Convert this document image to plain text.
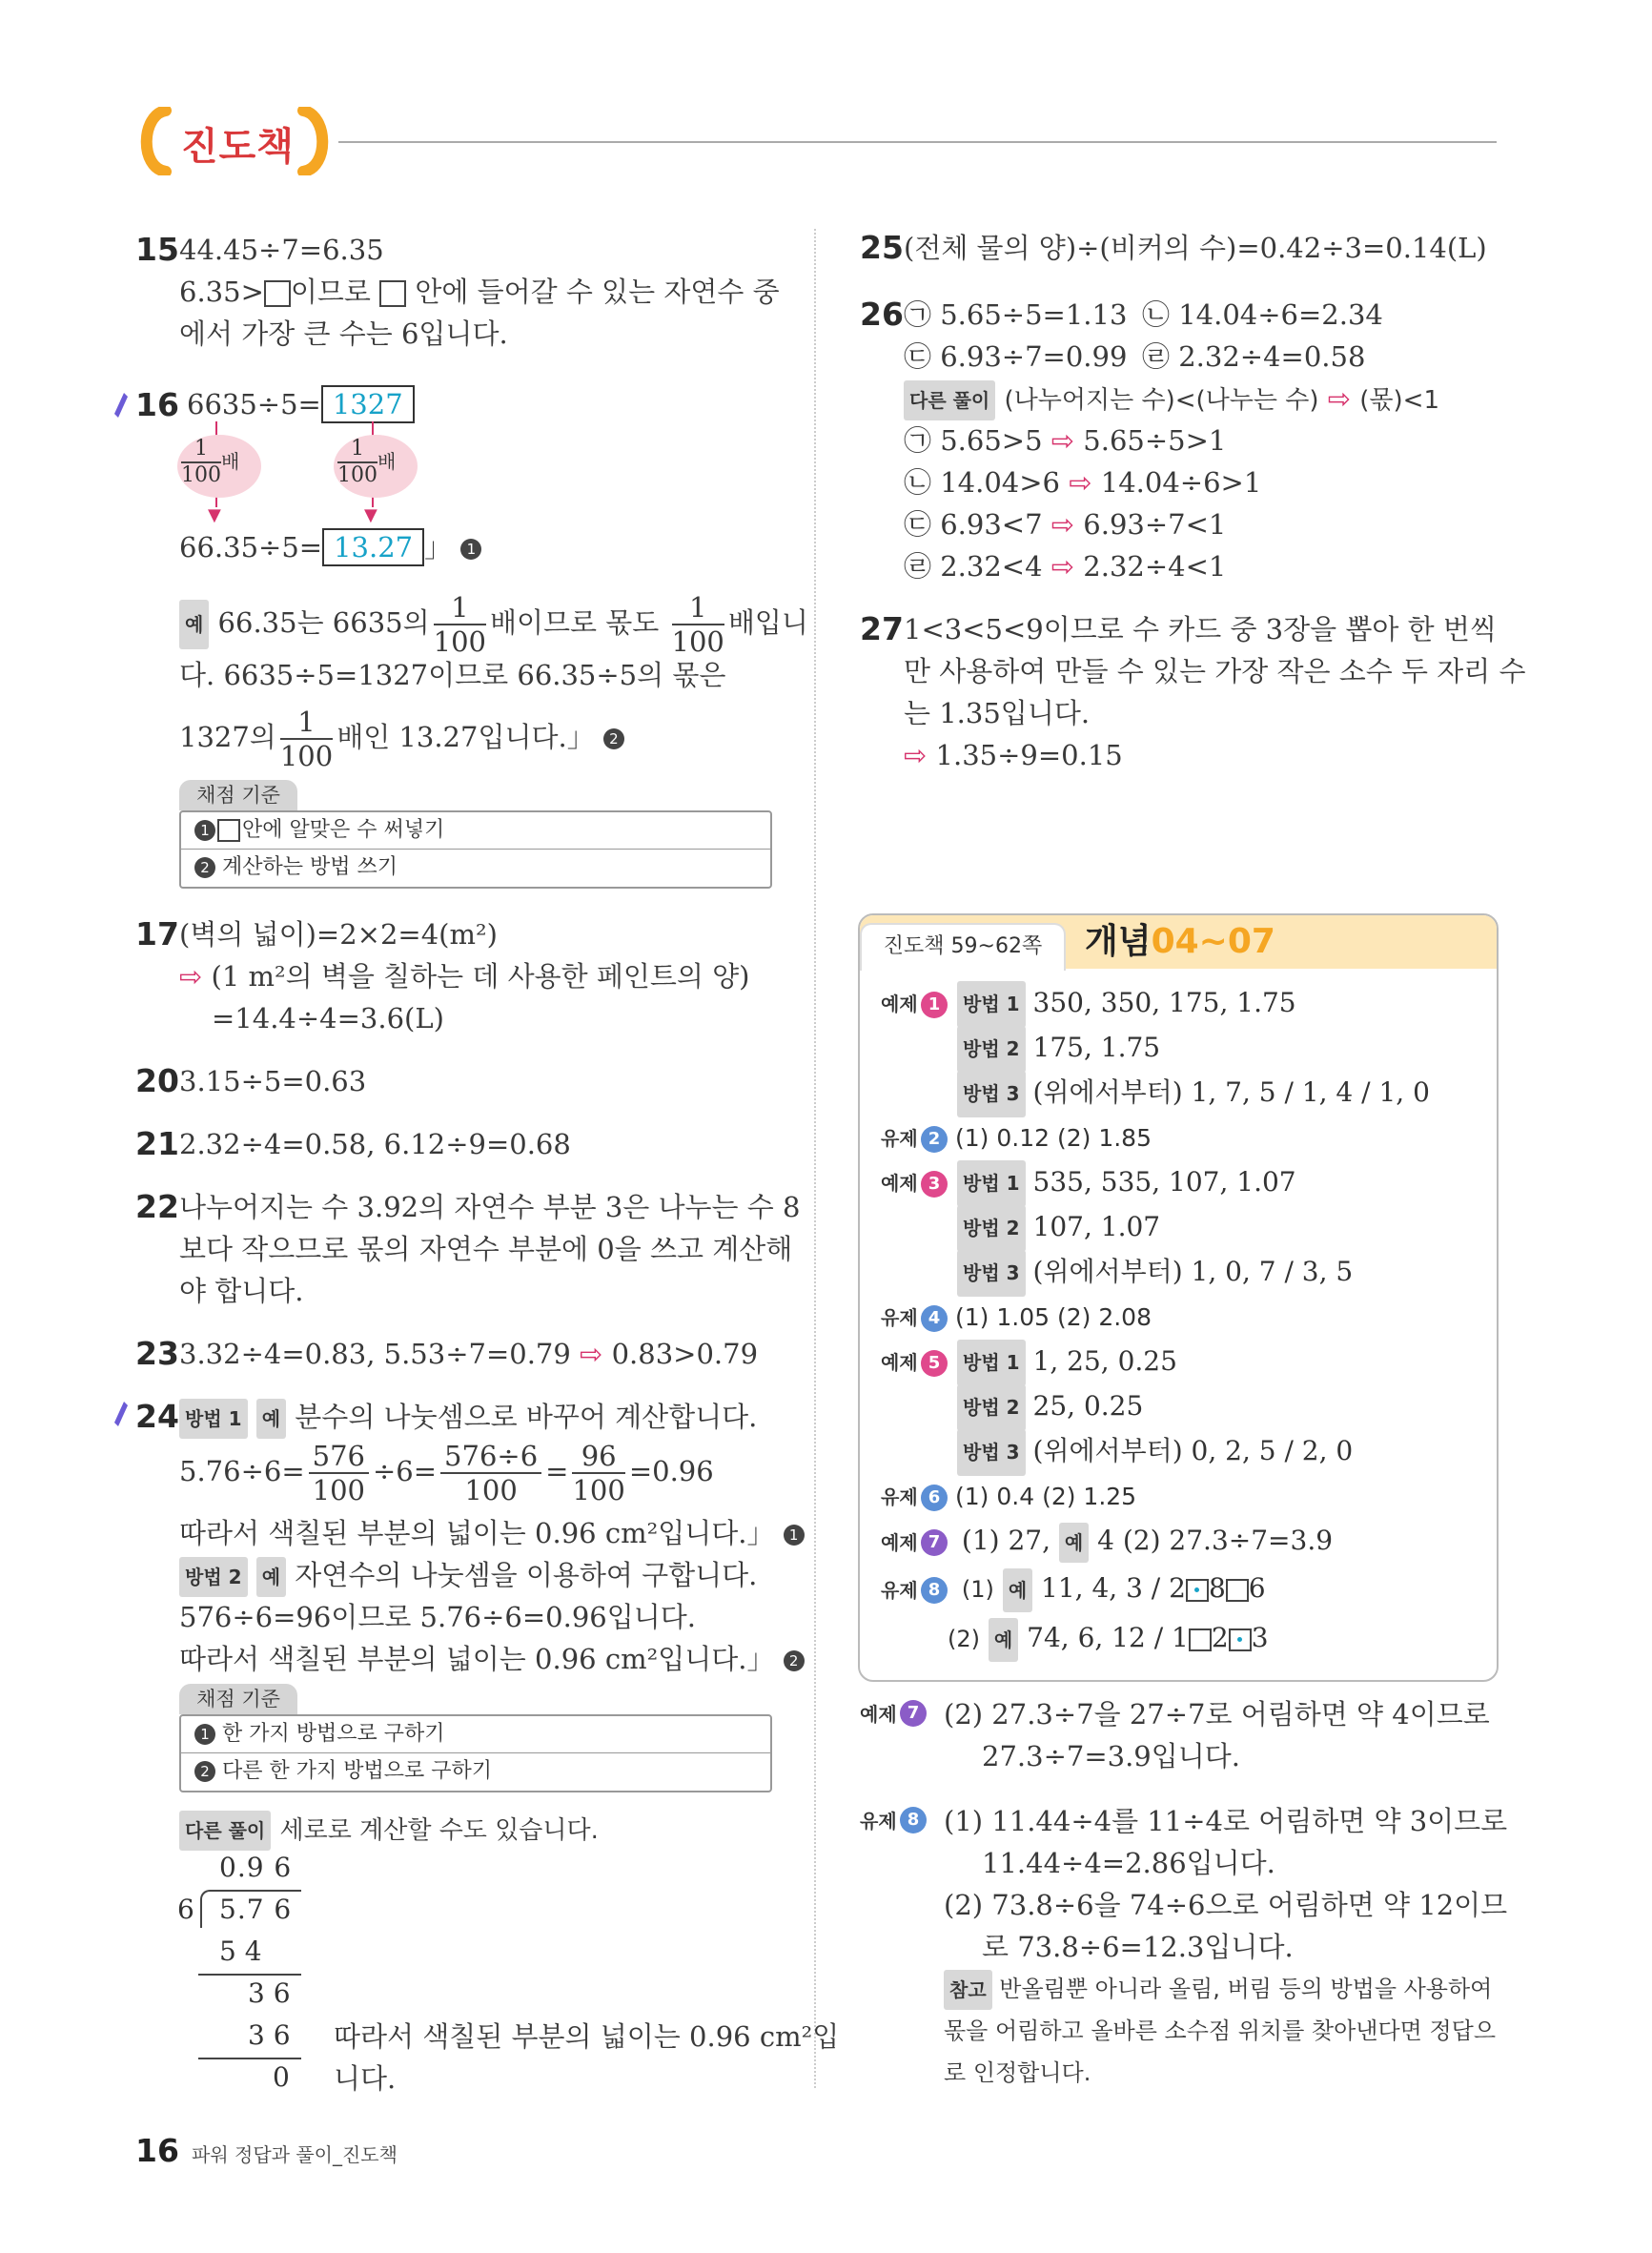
진도책
15 44.45÷7=6.35
6.35> 이므로 안에 들어갈 수 있는 자연수 중
에서 가장 큰 수는 6입니다.
16 6635÷5= 1327
$\frac{1}{100}$ 배	$\frac{1}{100}$ 배
▼	▼
66.35÷5= 13.27 」 1
예 66.35는 6635의 $\frac{1}{100}$ 배이므로 몫도 $\frac{1}{100}$ 배입니
다. 6635÷5=1327이므로 66.35÷5의 몫은
1327의 $\frac{1}{100}$ 배인 13.27입니다.」 2
채점 기준
1 안에 알맞은 수 써넣기
2 계산하는 방법 쓰기
17 (벽의 넓이)=2×2=4(m²)
⇨ (1 m²의 벽을 칠하는 데 사용한 페인트의 양)
=14.4÷4=3.6(L)
20 3.15÷5=0.63
21 2.32÷4=0.58, 6.12÷9=0.68
22 나누어지는 수 3.92의 자연수 부분 3은 나누는 수 8
보다 작으므로 몫의 자연수 부분에 0을 쓰고 계산해
야 합니다.
23 3.32÷4=0.83, 5.53÷7=0.79 ⇨ 0.83>0.79
24 방법 1 예 분수의 나눗셈으로 바꾸어 계산합니다.
$5.76\div 6= \frac{576}{100} \div 6= \frac{576\div 6}{100} = \frac{96}{100} =0.96$
따라서 색칠된 부분의 넓이는 0.96 cm²입니다.」 1
방법 2 예 자연수의 나눗셈을 이용하여 구합니다.
576÷6=96이므로 5.76÷6=0.96입니다.
따라서 색칠된 부분의 넓이는 0.96 cm²입니다.」 2
채점 기준
1 한 가지 방법으로 구하기
2 다른 한 가지 방법으로 구하기
다른 풀이 세로로 계산할 수도 있습니다.
0.9 6
6 5.7 6
5 4
3 6
3 6
0
따라서 색칠된 부분의 넓이는 0.96 cm²입
니다.
25 (전체 물의 양)÷(비커의 수)=0.42÷3=0.14(L)
26 ㉠ 5.65÷5=1.13 ㉡ 14.04÷6=2.34
㉢ 6.93÷7=0.99 ㉣ 2.32÷4=0.58
다른 풀이 (나누어지는 수)<(나누는 수) ⇨ (몫)<1
㉠ 5.65>5 ⇨ 5.65÷5>1
㉡ 14.04>6 ⇨ 14.04÷6>1
㉢ 6.93<7 ⇨ 6.93÷7<1
㉣ 2.32<4 ⇨ 2.32÷4<1
27 1<3<5<9이므로 수 카드 중 3장을 뽑아 한 번씩
만 사용하여 만들 수 있는 가장 작은 소수 두 자리 수
는 1.35입니다.
⇨ 1.35÷9=0.15
진도책 59~62쪽	개념04~07
예제 1 방법 1 350, 350, 175, 1.75
방법 2 175, 1.75
방법 3 (위에서부터) 1, 7, 5 / 1, 4 / 1, 0
유제 2 (1) 0.12 (2) 1.85
예제 3 방법 1 535, 535, 107, 1.07
방법 2 107, 1.07
방법 3 (위에서부터) 1, 0, 7 / 3, 5
유제 4 (1) 1.05 (2) 2.08
예제 5 방법 1 1, 25, 0.25
방법 2 25, 0.25
방법 3 (위에서부터) 0, 2, 5 / 2, 0
유제 6 (1) 0.4 (2) 1.25
예제 7 (1) 27, 예 4 (2) 27.3÷7=3.9
유제 8 (1) 예 11, 4, 3 / 2 8 6
(2) 예 74, 6, 12 / 1 2 3
예제 7 (2) 27.3÷7을 27÷7로 어림하면 약 4이므로
27.3÷7=3.9입니다.
유제 8 (1) 11.44÷4를 11÷4로 어림하면 약 3이므로
11.44÷4=2.86입니다.
(2) 73.8÷6을 74÷6으로 어림하면 약 12이므
로 73.8÷6=12.3입니다.
참고 반올림뿐 아니라 올림, 버림 등의 방법을 사용하여
몫을 어림하고 올바른 소수점 위치를 찾아낸다면 정답으
로 인정합니다.
16 파워 정답과 풀이_진도책
